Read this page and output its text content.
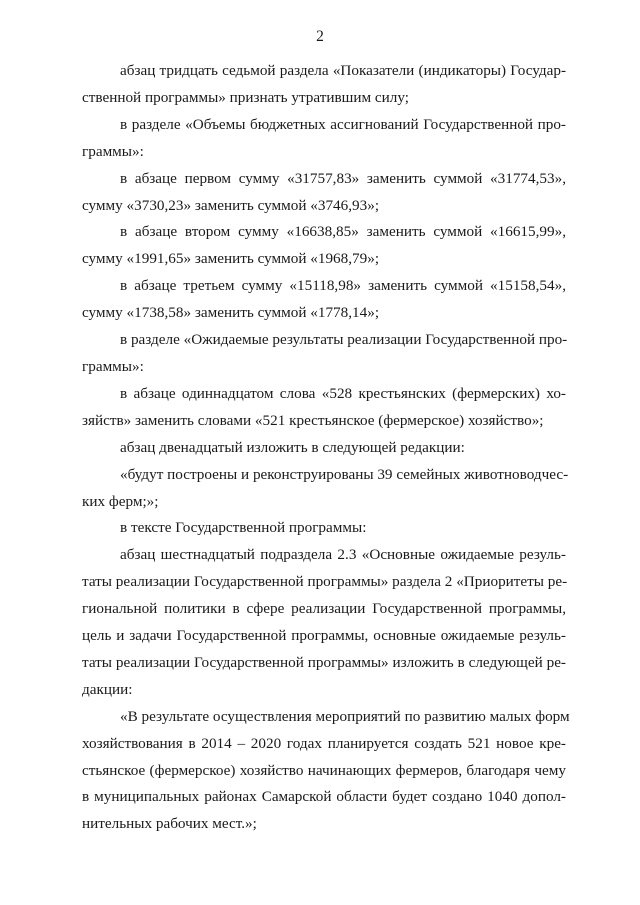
2
абзац тридцать седьмой раздела «Показатели (индикаторы) Государ-
ственной программы» признать утратившим силу;
в разделе «Объемы бюджетных ассигнований Государственной про-
граммы»:
в абзаце первом сумму «31757,83» заменить суммой «31774,53»,
сумму «3730,23» заменить суммой «3746,93»;
в абзаце втором сумму «16638,85» заменить суммой «16615,99»,
сумму «1991,65» заменить суммой «1968,79»;
в абзаце третьем сумму «15118,98» заменить суммой «15158,54»,
сумму «1738,58» заменить суммой «1778,14»;
в разделе «Ожидаемые результаты реализации Государственной про-
граммы»:
в абзаце одиннадцатом слова «528 крестьянских (фермерских) хо-
зяйств» заменить словами «521 крестьянское (фермерское) хозяйство»;
абзац двенадцатый изложить в следующей редакции:
«будут построены и реконструированы 39 семейных животноводчес-
ких ферм;»;
в тексте Государственной программы:
абзац шестнадцатый подраздела 2.3 «Основные ожидаемые резуль-
таты реализации Государственной программы» раздела 2 «Приоритеты ре-
гиональной политики в сфере реализации Государственной программы,
цель и задачи Государственной программы, основные ожидаемые резуль-
таты реализации Государственной программы» изложить в следующей ре-
дакции:
«В результате осуществления мероприятий по развитию малых форм
хозяйствования в 2014 – 2020 годах планируется создать 521 новое кре-
стьянское (фермерское) хозяйство начинающих фермеров, благодаря чему
в муниципальных районах Самарской области будет создано 1040 допол-
нительных рабочих мест.»;
